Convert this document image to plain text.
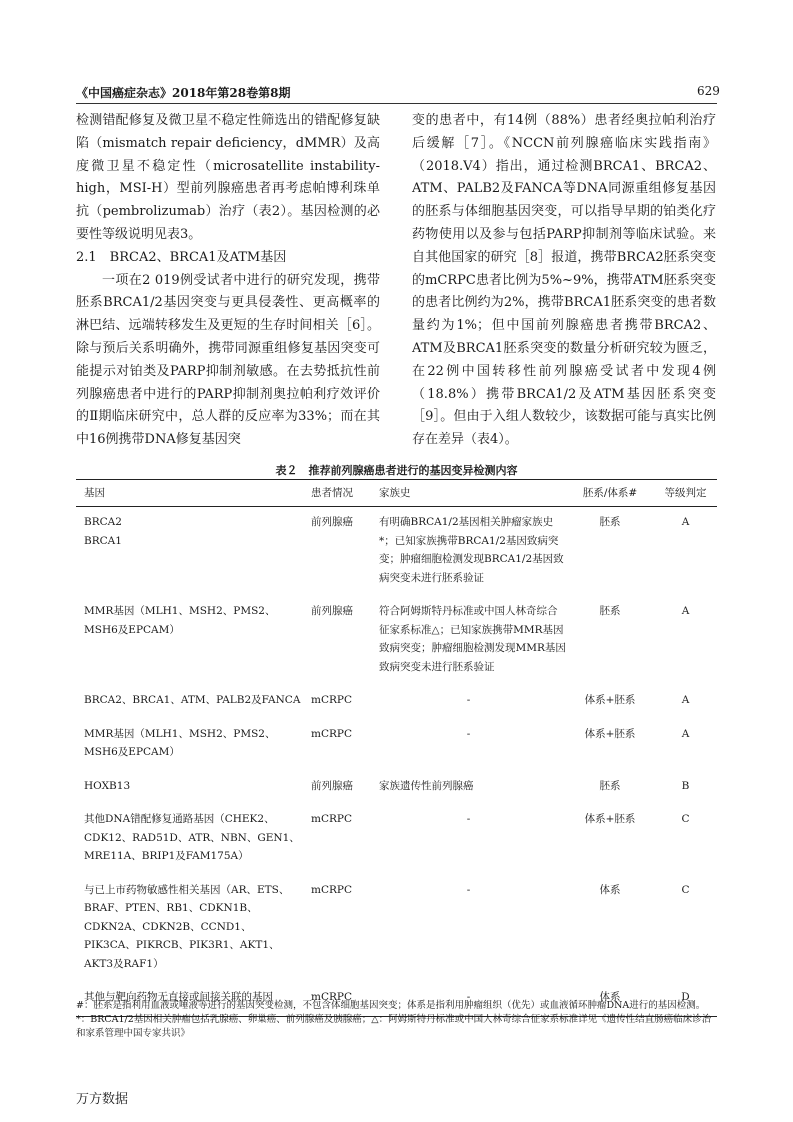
《中国癌症杂志》2018年第28卷第8期	629

检测错配修复及微卫星不稳定性筛选出的错配修复缺陷（mismatch repair deficiency，dMMR）及高度微卫星不稳定性（microsatellite instability-high，MSI-H）型前列腺癌患者再考虑帕博利珠单抗（pembrolizumab）治疗（表2）。基因检测的必要性等级说明见表3。

2.1　BRCA2、BRCA1及ATM基因

一项在2 019例受试者中进行的研究发现，携带胚系BRCA1/2基因突变与更具侵袭性、更高概率的淋巴结、远端转移发生及更短的生存时间相关［6］。除与预后关系明确外，携带同源重组修复基因突变可能提示对铂类及PARP抑制剂敏感。在去势抵抗性前列腺癌患者中进行的PARP抑制剂奥拉帕利疗效评价的Ⅱ期临床研究中，总人群的反应率为33%；而在其中16例携带DNA修复基因突

变的患者中，有14例（88%）患者经奥拉帕利治疗后缓解［7］。《NCCN前列腺癌临床实践指南》（2018.V4）指出，通过检测BRCA1、BRCA2、ATM、PALB2及FANCA等DNA同源重组修复基因的胚系与体细胞基因突变，可以指导早期的铂类化疗药物使用以及参与包括PARP抑制剂等临床试验。来自其他国家的研究［8］报道，携带BRCA2胚系突变的mCRPC患者比例为5%~9%，携带ATM胚系突变的患者比例约为2%，携带BRCA1胚系突变的患者数量约为1%；但中国前列腺癌患者携带BRCA2、ATM及BRCA1胚系突变的数量分析研究较为匮乏，在22例中国转移性前列腺癌受试者中发现4例（18.8%）携带BRCA1/2及ATM基因胚系突变［9］。但由于入组人数较少，该数据可能与真实比例存在差异（表4）。

表２　推荐前列腺癌患者进行的基因变异检测内容
基因	患者情况	家族史	胚系/体系#	等级判定

BRCA2
BRCA1	前列腺癌	有明确BRCA1/2基因相关肿瘤家族史*；已知家族携带BRCA1/2基因致病突变；肿瘤细胞检测发现BRCA1/2基因致病突变未进行胚系验证	胚系	A
MMR基因（MLH1、MSH2、PMS2、MSH6及EPCAM）	前列腺癌	符合阿姆斯特丹标准或中国人林奇综合征家系标准△；已知家族携带MMR基因致病突变；肿瘤细胞检测发现MMR基因致病突变未进行胚系验证	胚系	A
BRCA2、BRCA1、ATM、PALB2及FANCA	mCRPC	-	体系+胚系	A
MMR基因（MLH1、MSH2、PMS2、MSH6及EPCAM）	mCRPC	-	体系+胚系	A
HOXB13	前列腺癌	家族遗传性前列腺癌	胚系	B
其他DNA错配修复通路基因（CHEK2、CDK12、RAD51D、ATR、NBN、GEN1、MRE11A、BRIP1及FAM175A）	mCRPC	-	体系+胚系	C
与已上市药物敏感性相关基因（AR、ETS、BRAF、PTEN、RB1、CDKN1B、CDKN2A、CDKN2B、CCND1、PIK3CA、PIKRCB、PIK3R1、AKT1、AKT3及RAF1）	mCRPC	-	体系	C
其他与靶向药物无直接或间接关联的基因	mCRPC	-	体系	D
#：胚系是指利用血液或唾液等进行的基因突变检测，不包含体细胞基因突变；体系是指利用肿瘤组织（优先）或血液循环肿瘤DNA进行的基因检测。*：BRCA1/2基因相关肿瘤包括乳腺癌、卵巢癌、前列腺癌及胰腺癌；△：阿姆斯特丹标准或中国人林奇综合征家系标准详见《遗传性结直肠癌临床诊治和家系管理中国专家共识》
万方数据
